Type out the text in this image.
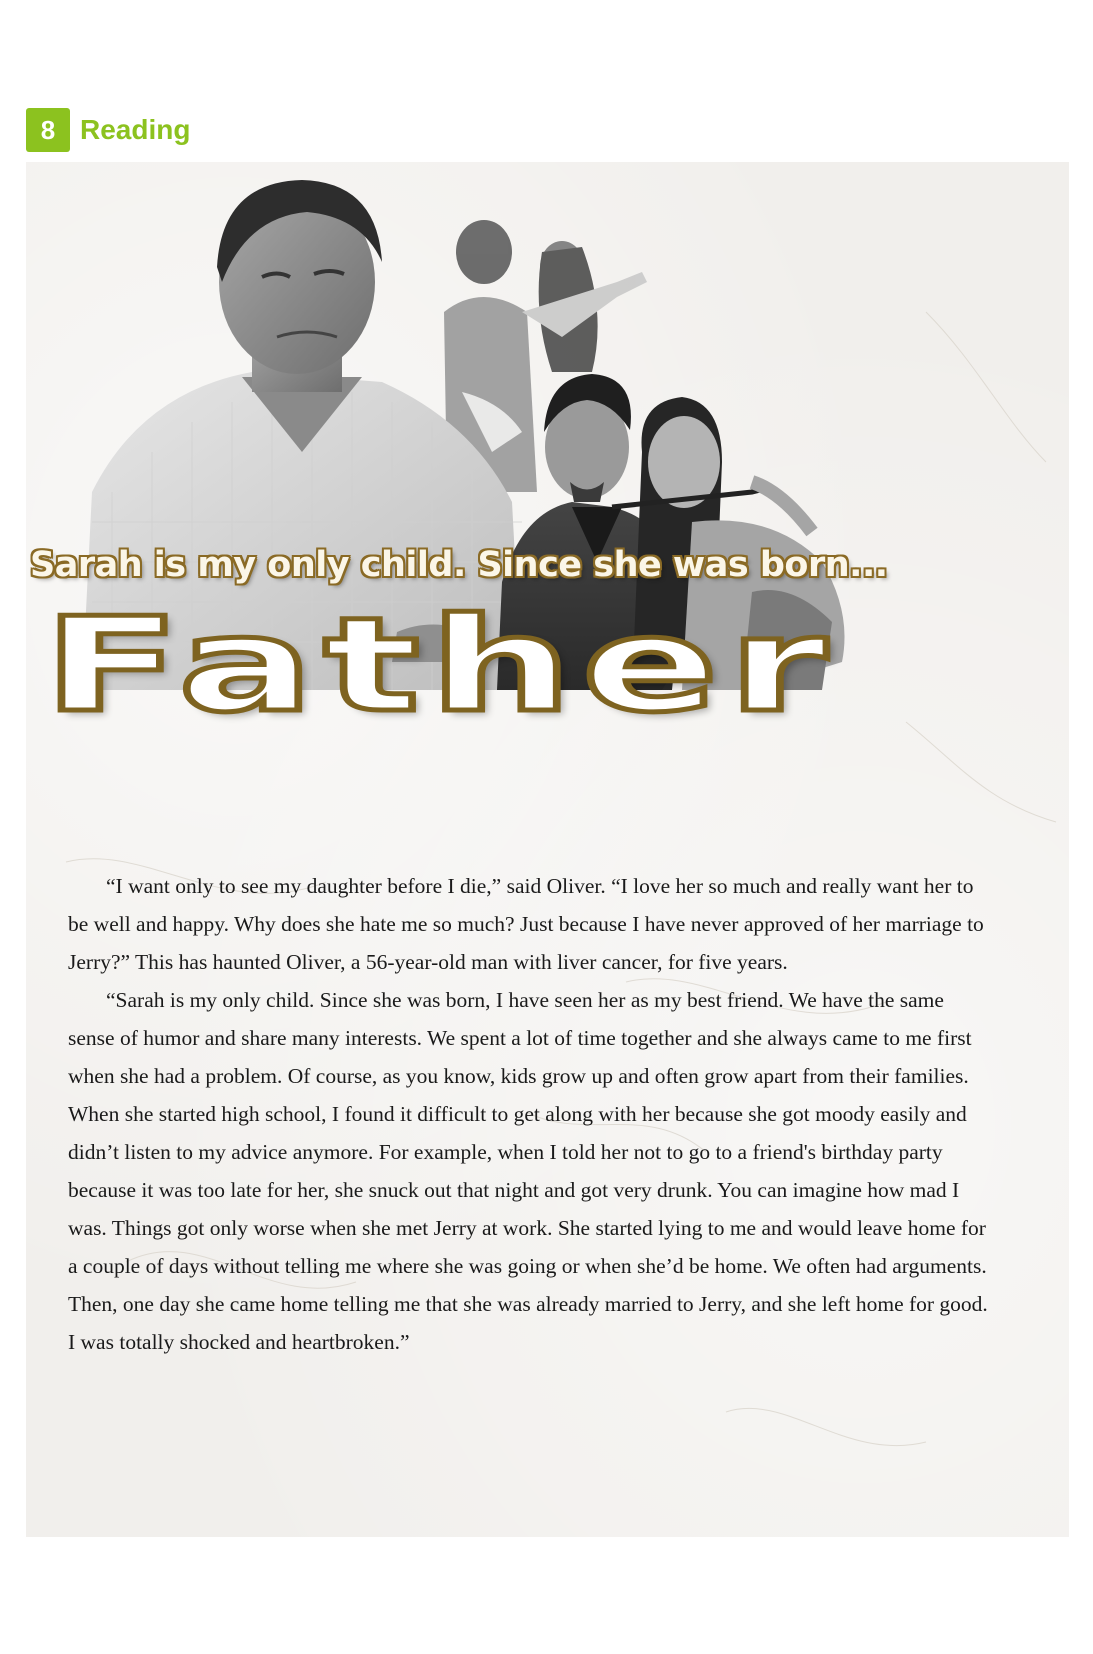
8 Reading
Sarah is my only child. Since she was born...
Father

“I want only to see my daughter before I die,” said Oliver. “I love her so much and really want her to be well and happy. Why does she hate me so much? Just because I have never approved of her marriage to Jerry?” This has haunted Oliver, a 56-year-old man with liver cancer, for five years.

“Sarah is my only child. Since she was born, I have seen her as my best friend. We have the same sense of humor and share many interests. We spent a lot of time together and she always came to me first when she had a problem. Of course, as you know, kids grow up and often grow apart from their families. When she started high school, I found it difficult to get along with her because she got moody easily and didn’t listen to my advice anymore. For example, when I told her not to go to a friend's birthday party because it was too late for her, she snuck out that night and got very drunk. You can imagine how mad I was. Things got only worse when she met Jerry at work. She started lying to me and would leave home for a couple of days without telling me where she was going or when she’d be home. We often had arguments. Then, one day she came home telling me that she was already married to Jerry, and she left home for good. I was totally shocked and heartbroken.”
